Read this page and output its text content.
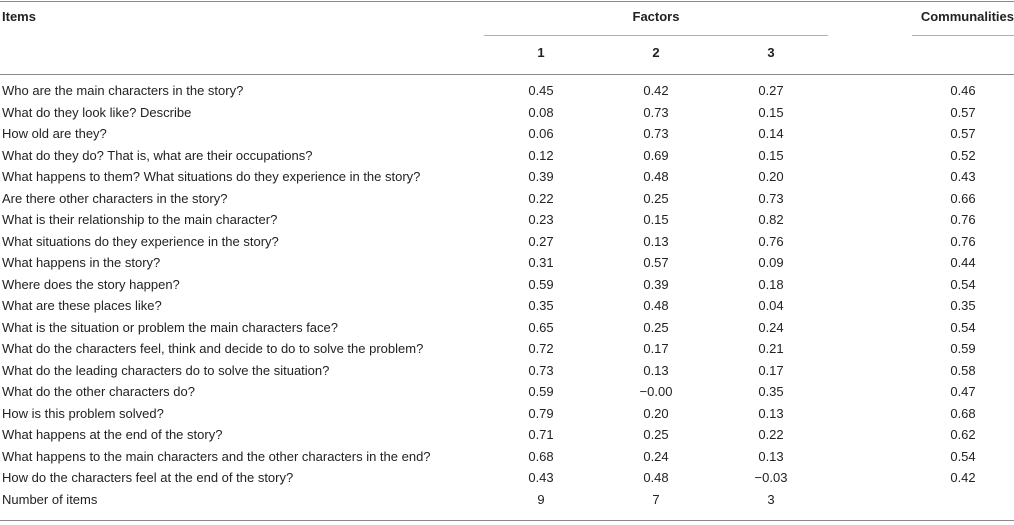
Items	Factors	Communalities
1	2	3
Who are the main characters in the story?	0.45	0.42	0.27	0.46
What do they look like? Describe	0.08	0.73	0.15	0.57
How old are they?	0.06	0.73	0.14	0.57
What do they do? That is, what are their occupations?	0.12	0.69	0.15	0.52
What happens to them? What situations do they experience in the story?	0.39	0.48	0.20	0.43
Are there other characters in the story?	0.22	0.25	0.73	0.66
What is their relationship to the main character?	0.23	0.15	0.82	0.76
What situations do they experience in the story?	0.27	0.13	0.76	0.76
What happens in the story?	0.31	0.57	0.09	0.44
Where does the story happen?	0.59	0.39	0.18	0.54
What are these places like?	0.35	0.48	0.04	0.35
What is the situation or problem the main characters face?	0.65	0.25	0.24	0.54
What do the characters feel, think and decide to do to solve the problem?	0.72	0.17	0.21	0.59
What do the leading characters do to solve the situation?	0.73	0.13	0.17	0.58
What do the other characters do?	0.59	−0.00	0.35	0.47
How is this problem solved?	0.79	0.20	0.13	0.68
What happens at the end of the story?	0.71	0.25	0.22	0.62
What happens to the main characters and the other characters in the end?	0.68	0.24	0.13	0.54
How do the characters feel at the end of the story?	0.43	0.48	−0.03	0.42
Number of items	9	7	3
